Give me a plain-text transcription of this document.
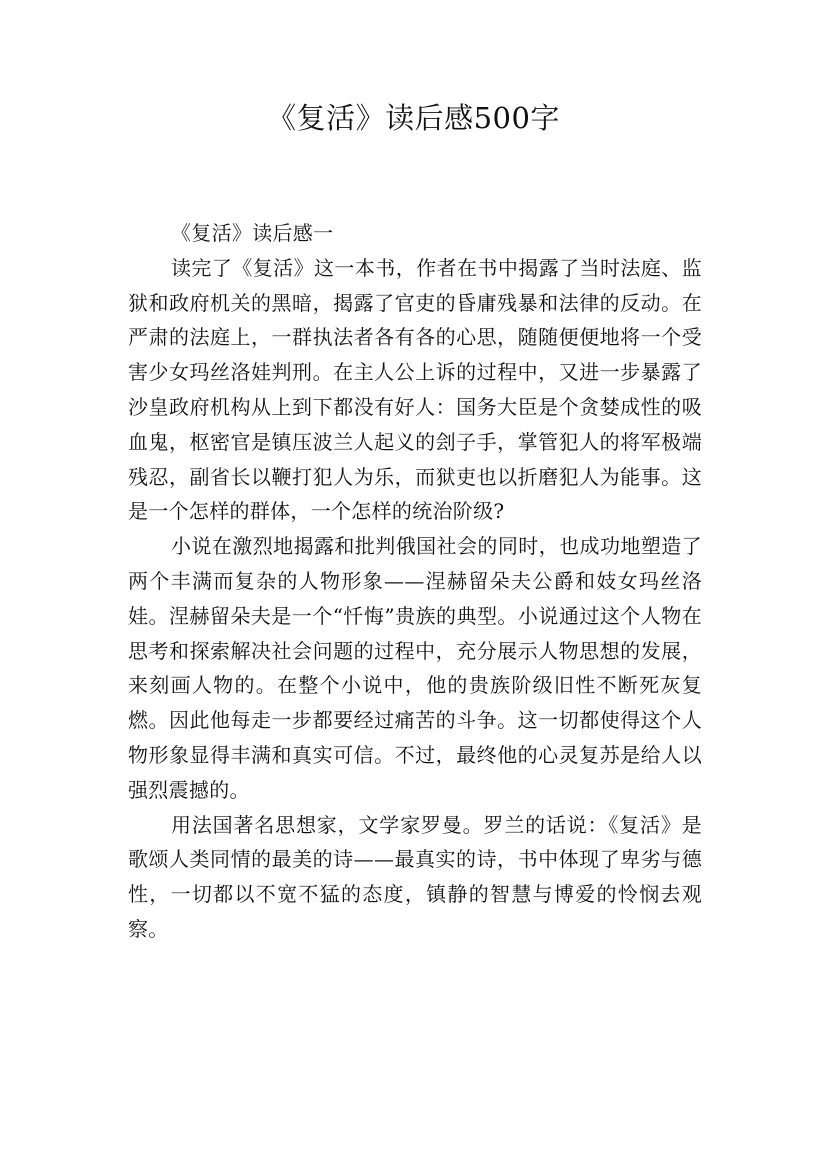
《复活》读后感500字

《复活》读后感一

读完了《复活》这一本书，作者在书中揭露了当时法庭、监狱和政府机关的黑暗，揭露了官吏的昏庸残暴和法律的反动。在严肃的法庭上，一群执法者各有各的心思，随随便便地将一个受害少女玛丝洛娃判刑。在主人公上诉的过程中，又进一步暴露了沙皇政府机构从上到下都没有好人：国务大臣是个贪婪成性的吸血鬼，枢密官是镇压波兰人起义的刽子手，掌管犯人的将军极端残忍，副省长以鞭打犯人为乐，而狱吏也以折磨犯人为能事。这是一个怎样的群体，一个怎样的统治阶级?

小说在激烈地揭露和批判俄国社会的同时，也成功地塑造了两个丰满而复杂的人物形象——涅赫留朵夫公爵和妓女玛丝洛娃。涅赫留朵夫是一个“忏悔”贵族的典型。小说通过这个人物在思考和探索解决社会问题的过程中，充分展示人物思想的发展，来刻画人物的。在整个小说中，他的贵族阶级旧性不断死灰复燃。因此他每走一步都要经过痛苦的斗争。这一切都使得这个人物形象显得丰满和真实可信。不过，最终他的心灵复苏是给人以强烈震撼的。

用法国著名思想家，文学家罗曼。罗兰的话说：《复活》是歌颂人类同情的最美的诗——最真实的诗，书中体现了卑劣与德性，一切都以不宽不猛的态度，镇静的智慧与博爱的怜悯去观察。
